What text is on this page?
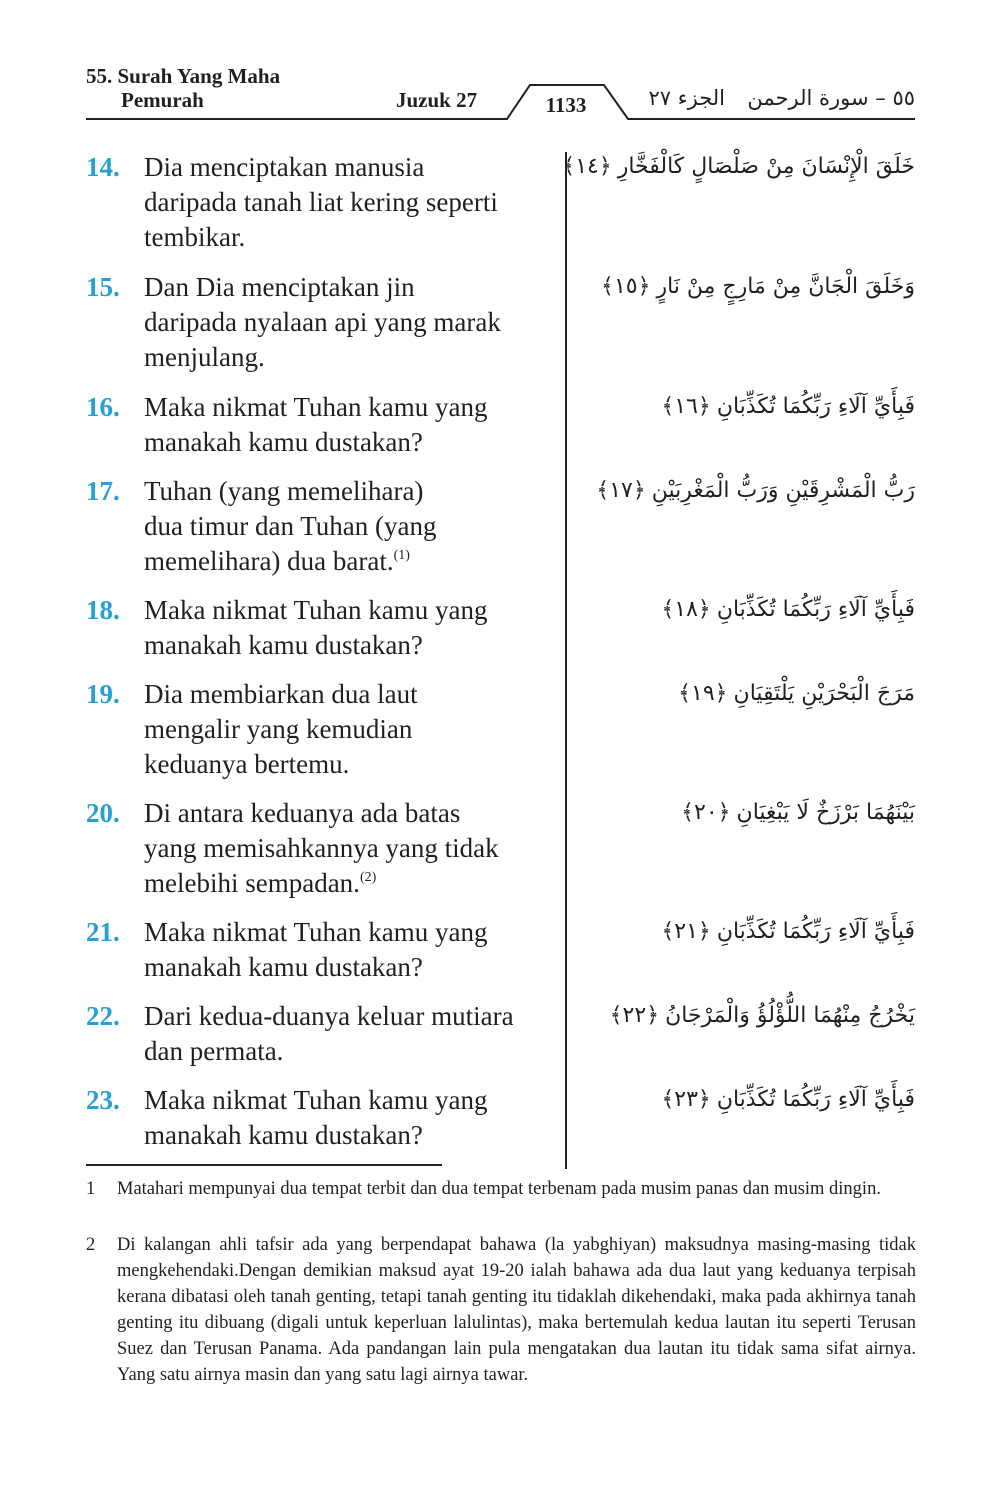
55. Surah Yang Maha
Pemurah	Juzuk 27	1133	الجزء ٢٧ ٥٥ – سورة الرحمن
14. Dia menciptakan manusia
daripada tanah liat kering seperti
tembikar.
خَلَقَ الْإِنْسَانَ مِنْ صَلْصَالٍ كَالْفَخَّارِ﴿١٤﴾
15. Dan Dia menciptakan jin
daripada nyalaan api yang marak
menjulang.
وَخَلَقَ الْجَانَّ مِنْ مَارِجٍ مِنْ نَارٍ﴿١٥﴾
16. Maka nikmat Tuhan kamu yang
manakah kamu dustakan?
فَبِأَيِّ آلَاءِ رَبِّكُمَا تُكَذِّبَانِ﴿١٦﴾
17. Tuhan (yang memelihara)
dua timur dan Tuhan (yang
memelihara) dua barat.$^{(1)}$
رَبُّ الْمَشْرِقَيْنِ وَرَبُّ الْمَغْرِبَيْنِ﴿١٧﴾
18. Maka nikmat Tuhan kamu yang
manakah kamu dustakan?
فَبِأَيِّ آلَاءِ رَبِّكُمَا تُكَذِّبَانِ﴿١٨﴾
19. Dia membiarkan dua laut
mengalir yang kemudian
keduanya bertemu.
مَرَجَ الْبَحْرَيْنِ يَلْتَقِيَانِ﴿١٩﴾
20. Di antara keduanya ada batas
yang memisahkannya yang tidak
melebihi sempadan.$^{(2)}$
بَيْنَهُمَا بَرْزَخٌ لَا يَبْغِيَانِ﴿٢٠﴾
21. Maka nikmat Tuhan kamu yang
manakah kamu dustakan?
فَبِأَيِّ آلَاءِ رَبِّكُمَا تُكَذِّبَانِ﴿٢١﴾
22. Dari kedua-duanya keluar mutiara
dan permata.
يَخْرُجُ مِنْهُمَا اللُّؤْلُؤُ وَالْمَرْجَانُ﴿٢٢﴾
23. Maka nikmat Tuhan kamu yang
manakah kamu dustakan?
فَبِأَيِّ آلَاءِ رَبِّكُمَا تُكَذِّبَانِ﴿٢٣﴾
1 Matahari mempunyai dua tempat terbit dan dua tempat terbenam pada musim panas dan musim dingin.
2 Di kalangan ahli tafsir ada yang berpendapat bahawa (la yabghiyan) maksudnya masing-masing tidak mengkehendaki.Dengan demikian maksud ayat 19-20 ialah bahawa ada dua laut yang keduanya terpisah kerana dibatasi oleh tanah genting, tetapi tanah genting itu tidaklah dikehendaki, maka pada akhirnya tanah genting itu dibuang (digali untuk keperluan lalulintas), maka bertemulah kedua lautan itu seperti Terusan Suez dan Terusan Panama. Ada pandangan lain pula mengatakan dua lautan itu tidak sama sifat airnya. Yang satu airnya masin dan yang satu lagi airnya tawar.
